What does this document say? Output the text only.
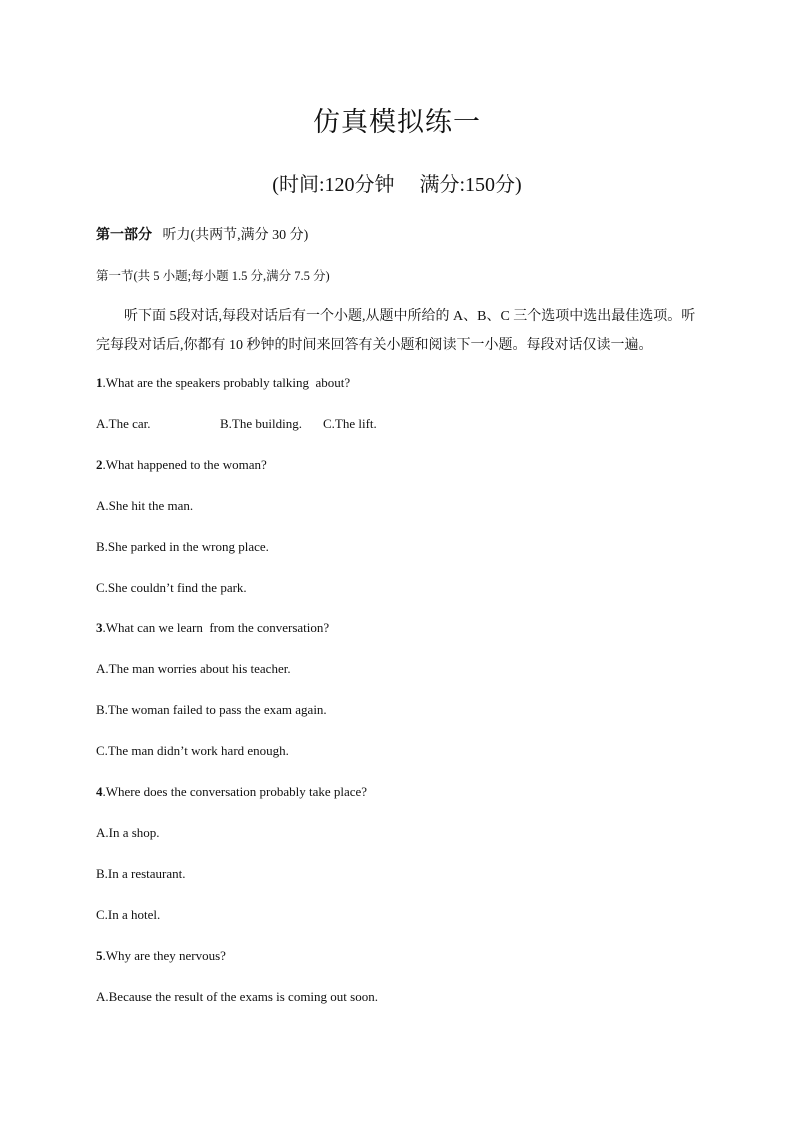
仿真模拟练一

(时间:120分钟     满分:150分)

第一部分 听力(共两节,满分 30 分)

第一节(共 5 小题;每小题 1.5 分,满分 7.5 分)

听下面 5段对话,每段对话后有一个小题,从题中所给的 A、B、C 三个选项中选出最佳选项。听完每段对话后,你都有 10 秒钟的时间来回答有关小题和阅读下一小题。每段对话仅读一遍。

1.What are the speakers probably talking  about?

A.The car.	B.The building. C.The lift.

2.What happened to the woman?

A.She hit the man.

B.She parked in the wrong place.

C.She couldn’t find the park.

3.What can we learn  from the conversation?

A.The man worries about his teacher.

B.The woman failed to pass the exam again.

C.The man didn’t work hard enough.

4.Where does the conversation probably take place?

A.In a shop.

B.In a restaurant.

C.In a hotel.

5.Why are they nervous?

A.Because the result of the exams is coming out soon.
